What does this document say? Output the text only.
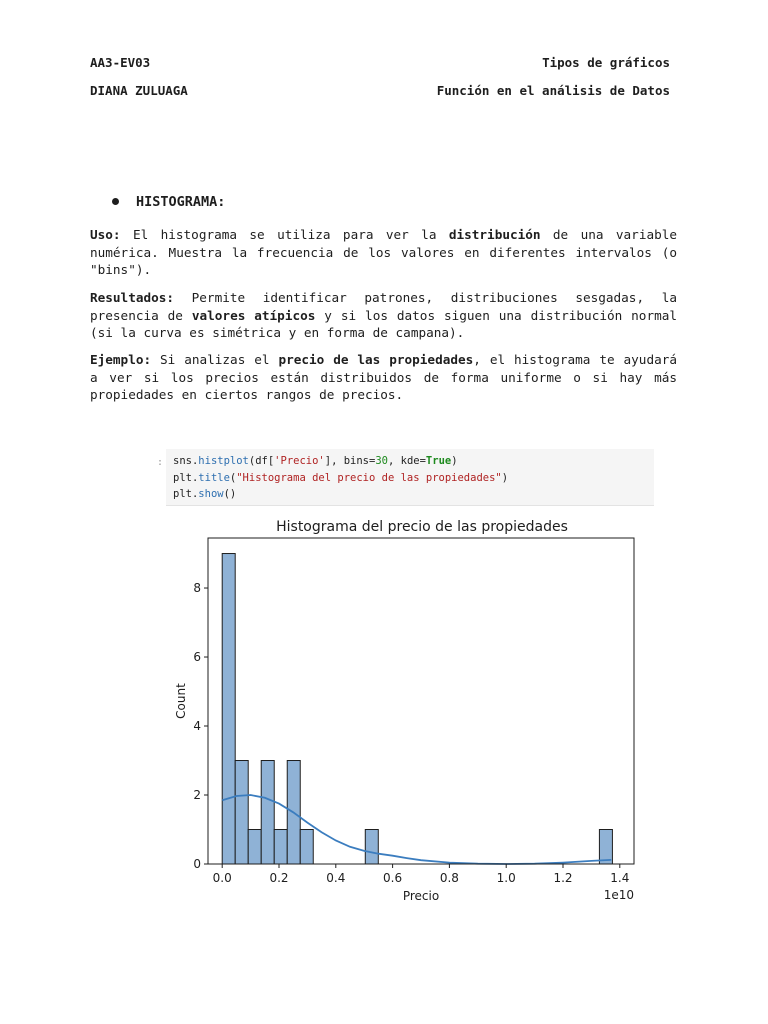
AA3-EV03	Tipos de gráficos
DIANA ZULUAGA	Función en el análisis de Datos
HISTOGRAMA:
Uso: El histograma se utiliza para ver la distribución de una variable numérica. Muestra la frecuencia de los valores en diferentes intervalos (o "bins").
Resultados: Permite identificar patrones, distribuciones sesgadas, la presencia de valores atípicos y si los datos siguen una distribución normal (si la curva es simétrica y en forma de campana).
Ejemplo: Si analizas el precio de las propiedades, el histograma te ayudará a ver si los precios están distribuidos de forma uniforme o si hay más propiedades en ciertos rangos de precios.
: sns.histplot(df['Precio'], bins=30, kde=True)
plt.title("Histograma del precio de las propiedades")
plt.show()
Histograma del precio de las propiedades
0.0	0.2	0.4	0.6	0.8	1.0	1.2	1.4
0
2
4
6
8
Precio	1e10
Count
